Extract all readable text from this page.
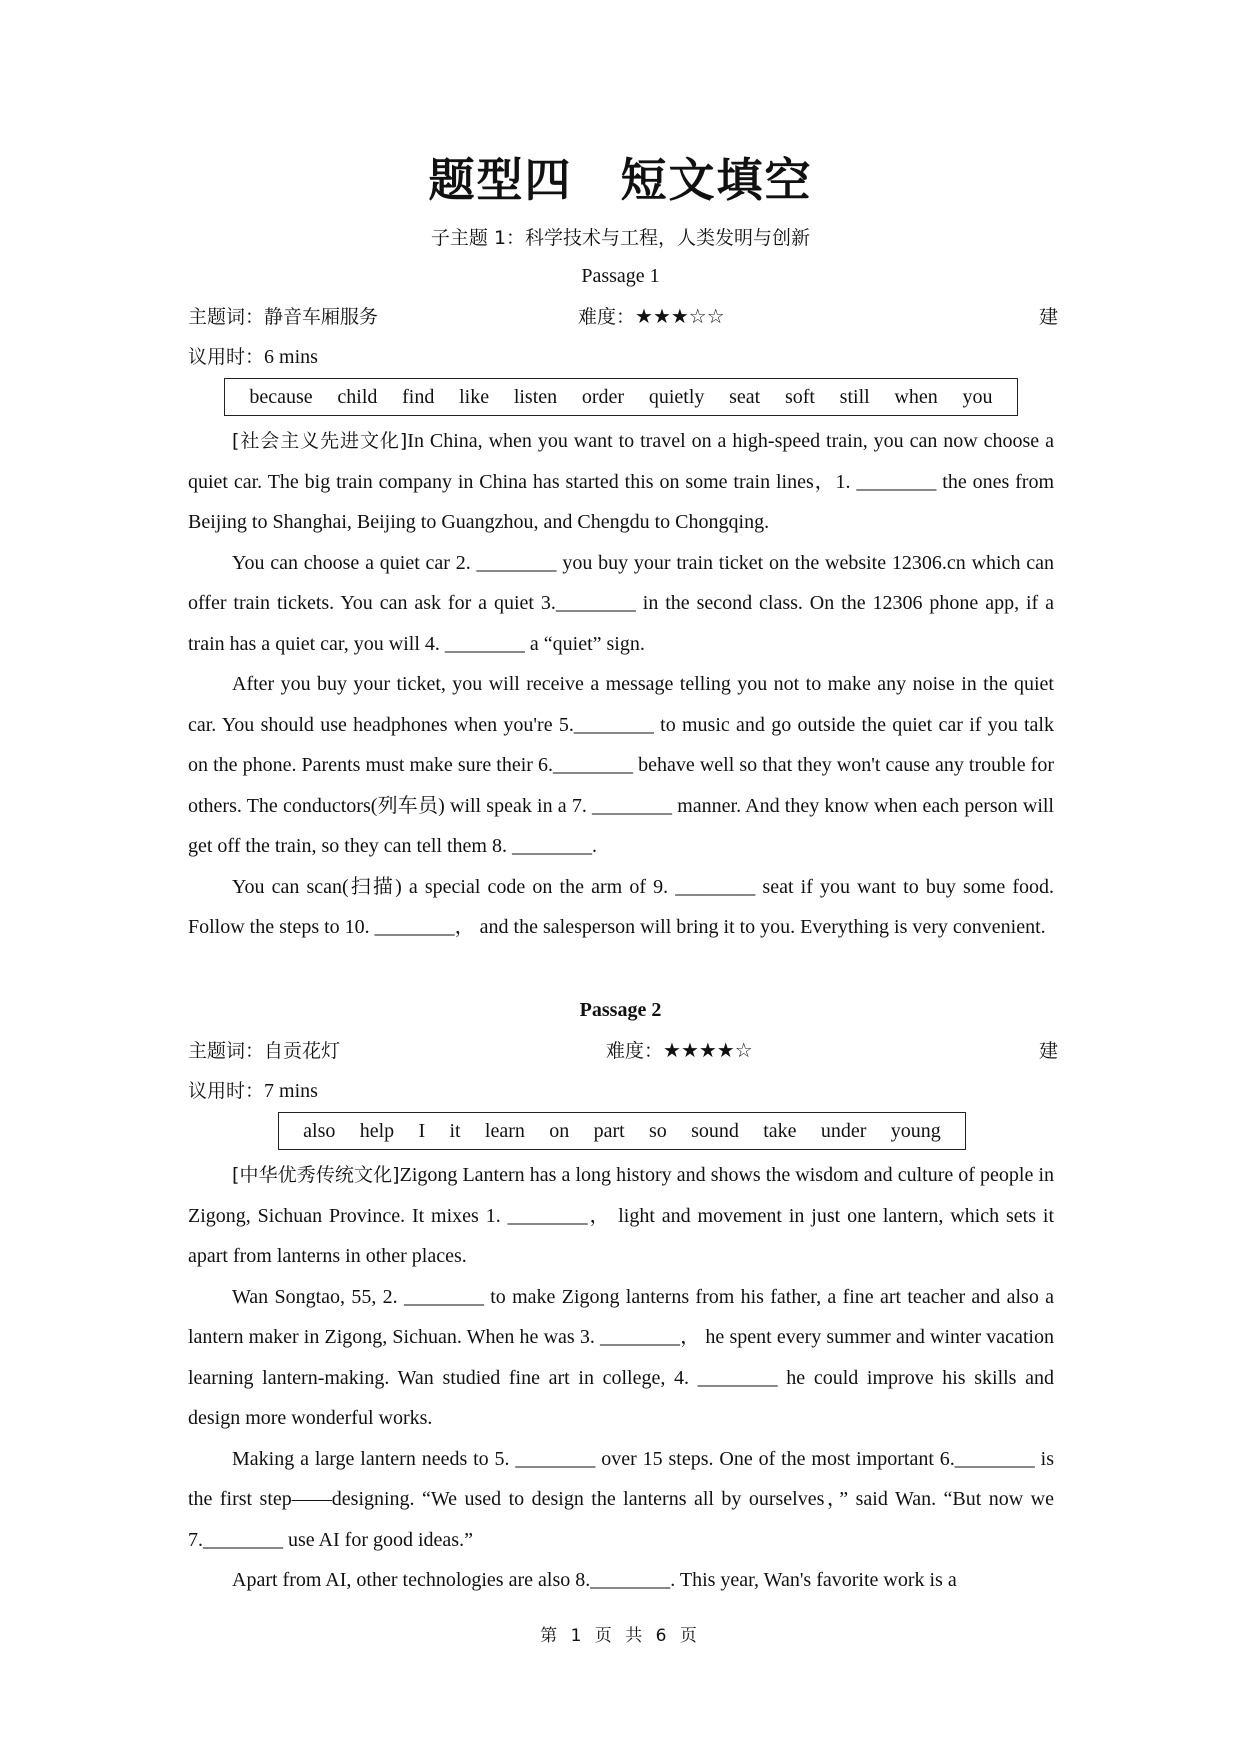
题型四　短文填空
子主题 1：科学技术与工程，人类发明与创新
Passage 1
主题词：静音车厢服务	难度：★★★☆☆	建
议用时：6 mins
because child find like listen order quietly seat soft still when you

[社会主义先进文化]In China, when you want to travel on a high-speed train, you can now choose a quiet car. The big train company in China has started this on some train lines，1. ________ the ones from Beijing to Shanghai, Beijing to Guangzhou, and Chengdu to Chongqing.

You can choose a quiet car 2. ________ you buy your train ticket on the website 12306.cn which can offer train tickets. You can ask for a quiet 3.________ in the second class. On the 12306 phone app, if a train has a quiet car, you will 4. ________ a “quiet” sign.

After you buy your ticket, you will receive a message telling you not to make any noise in the quiet car. You should use headphones when you're 5.________ to music and go outside the quiet car if you talk on the phone. Parents must make sure their 6.________ behave well so that they won't cause any trouble for others. The conductors(列车员) will speak in a 7. ________ manner. And they know when each person will get off the train, so they can tell them 8. ________.

You can scan(扫描) a special code on the arm of 9. ________ seat if you want to buy some food. Follow the steps to 10. ________， and the salesperson will bring it to you. Everything is very convenient.

Passage 2
主题词：自贡花灯	难度：★★★★☆	建
议用时：7 mins
also help I it learn on part so sound take under young

[中华优秀传统文化]Zigong Lantern has a long history and shows the wisdom and culture of people in Zigong, Sichuan Province. It mixes 1. ________， light and movement in just one lantern, which sets it apart from lanterns in other places.

Wan Songtao, 55, 2. ________ to make Zigong lanterns from his father, a fine art teacher and also a lantern maker in Zigong, Sichuan. When he was 3. ________， he spent every summer and winter vacation learning lantern-making. Wan studied fine art in college, 4. ________ he could improve his skills and design more wonderful works.

Making a large lantern needs to 5. ________ over 15 steps. One of the most important 6.________ is the first step——designing. “We used to design the lanterns all by ourselves，” said Wan. “But now we 7.________ use AI for good ideas.”

Apart from AI, other technologies are also 8.________. This year, Wan's favorite work is a

第 1 页 共 6 页
